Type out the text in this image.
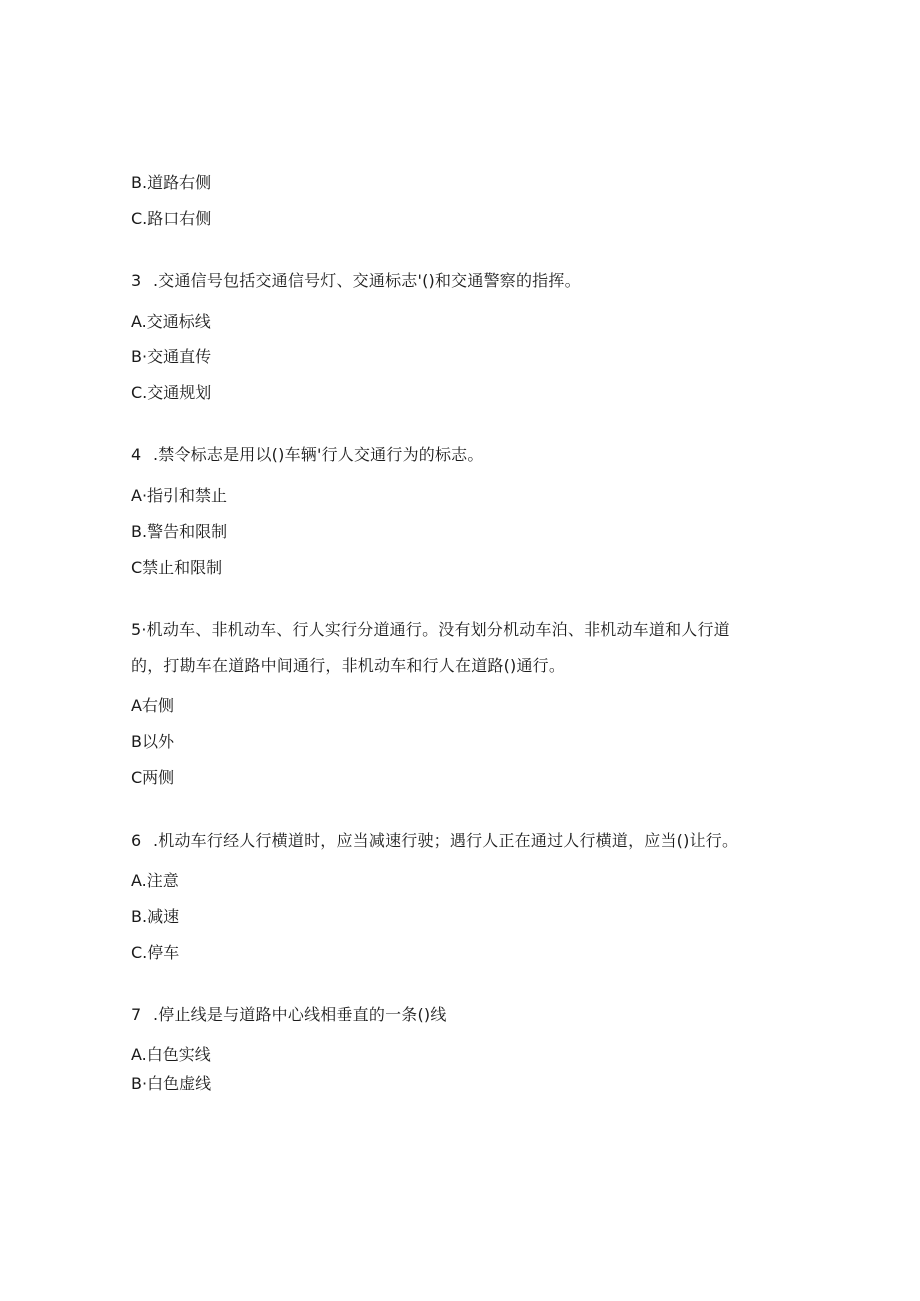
B.道路右侧
C.路口右侧
3 .交通信号包括交通信号灯、交通标志'()和交通警察的指挥。
A.交通标线
B·交通直传
C.交通规划
4 .禁令标志是用以()车辆'行人交通行为的标志。
A·指引和禁止
B.警告和限制
C禁止和限制
5·机动车、非机动车、行人实行分道通行。没有划分机动车泊、非机动车道和人行道
的，打勘车在道路中间通行，非机动车和行人在道路()通行。
A右侧
B以外
C两侧
6 .机动车行经人行横道时，应当减速行驶；遇行人正在通过人行横道，应当()让行。
A.注意
B.减速
C.停车
7 .停止线是与道路中心线相垂直的一条()线
A.白色实线
B·白色虚线
